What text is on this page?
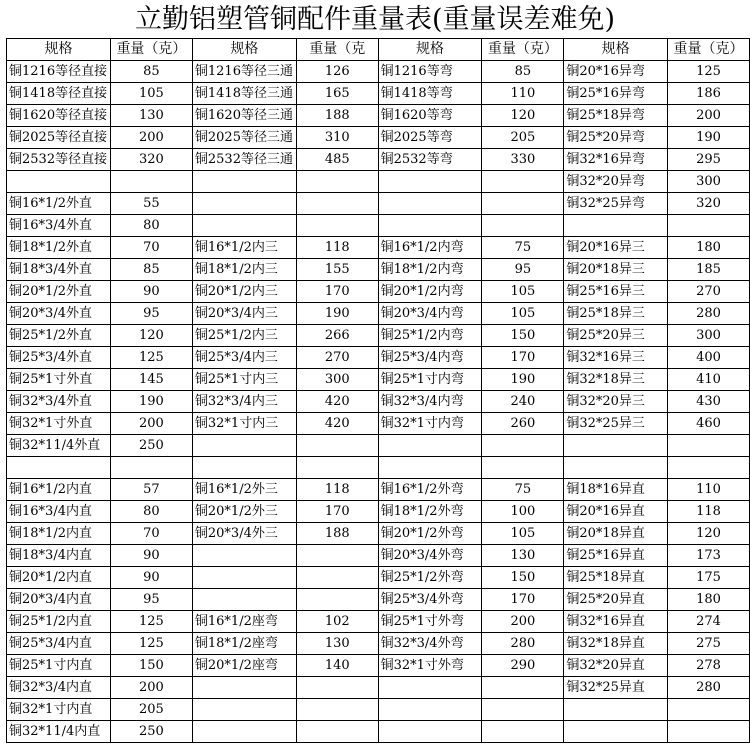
立勤铝塑管铜配件重量表(重量误差难免)
规格	重量（克）	规格	重量（克	规格	重量（克）	规格	重量（克）
铜1216等径直接	85	铜1216等径三通	126	铜1216等弯	85	铜20*16异弯	125
铜1418等径直接	105	铜1418等径三通	165	铜1418等弯	110	铜25*16异弯	186
铜1620等径直接	130	铜1620等径三通	188	铜1620等弯	120	铜25*18异弯	200
铜2025等径直接	200	铜2025等径三通	310	铜2025等弯	205	铜25*20异弯	190
铜2532等径直接	320	铜2532等径三通	485	铜2532等弯	330	铜32*16异弯	295
						铜32*20异弯	300
铜16*1/2外直	55					铜32*25异弯	320
铜16*3/4外直	80						
铜18*1/2外直	70	铜16*1/2内三	118	铜16*1/2内弯	75	铜20*16异三	180
铜18*3/4外直	85	铜18*1/2内三	155	铜18*1/2内弯	95	铜20*18异三	185
铜20*1/2外直	90	铜20*1/2内三	170	铜20*1/2内弯	105	铜25*16异三	270
铜20*3/4外直	95	铜20*3/4内三	190	铜20*3/4内弯	105	铜25*18异三	280
铜25*1/2外直	120	铜25*1/2内三	266	铜25*1/2内弯	150	铜25*20异三	300
铜25*3/4外直	125	铜25*3/4内三	270	铜25*3/4内弯	170	铜32*16异三	400
铜25*1寸外直	145	铜25*1寸内三	300	铜25*1寸内弯	190	铜32*18异三	410
铜32*3/4外直	190	铜32*3/4内三	420	铜32*3/4内弯	240	铜32*20异三	430
铜32*1寸外直	200	铜32*1寸内三	420	铜32*1寸内弯	260	铜32*25异三	460
铜32*11/4外直	250						

铜16*1/2内直	57	铜16*1/2外三	118	铜16*1/2外弯	75	铜18*16异直	110
铜16*3/4内直	80	铜20*1/2外三	170	铜18*1/2外弯	100	铜20*16异直	118
铜18*1/2内直	70	铜20*3/4外三	188	铜20*1/2外弯	105	铜20*18异直	120
铜18*3/4内直	90			铜20*3/4外弯	130	铜25*16异直	173
铜20*1/2内直	90			铜25*1/2外弯	150	铜25*18异直	175
铜20*3/4内直	95			铜25*3/4外弯	170	铜25*20异直	180
铜25*1/2内直	125	铜16*1/2座弯	102	铜25*1寸外弯	200	铜32*16异直	274
铜25*3/4内直	125	铜18*1/2座弯	130	铜32*3/4外弯	280	铜32*18异直	275
铜25*1寸内直	150	铜20*1/2座弯	140	铜32*1寸外弯	290	铜32*20异直	278
铜32*3/4内直	200					铜32*25异直	280
铜32*1寸内直	205						
铜32*11/4内直	250						
